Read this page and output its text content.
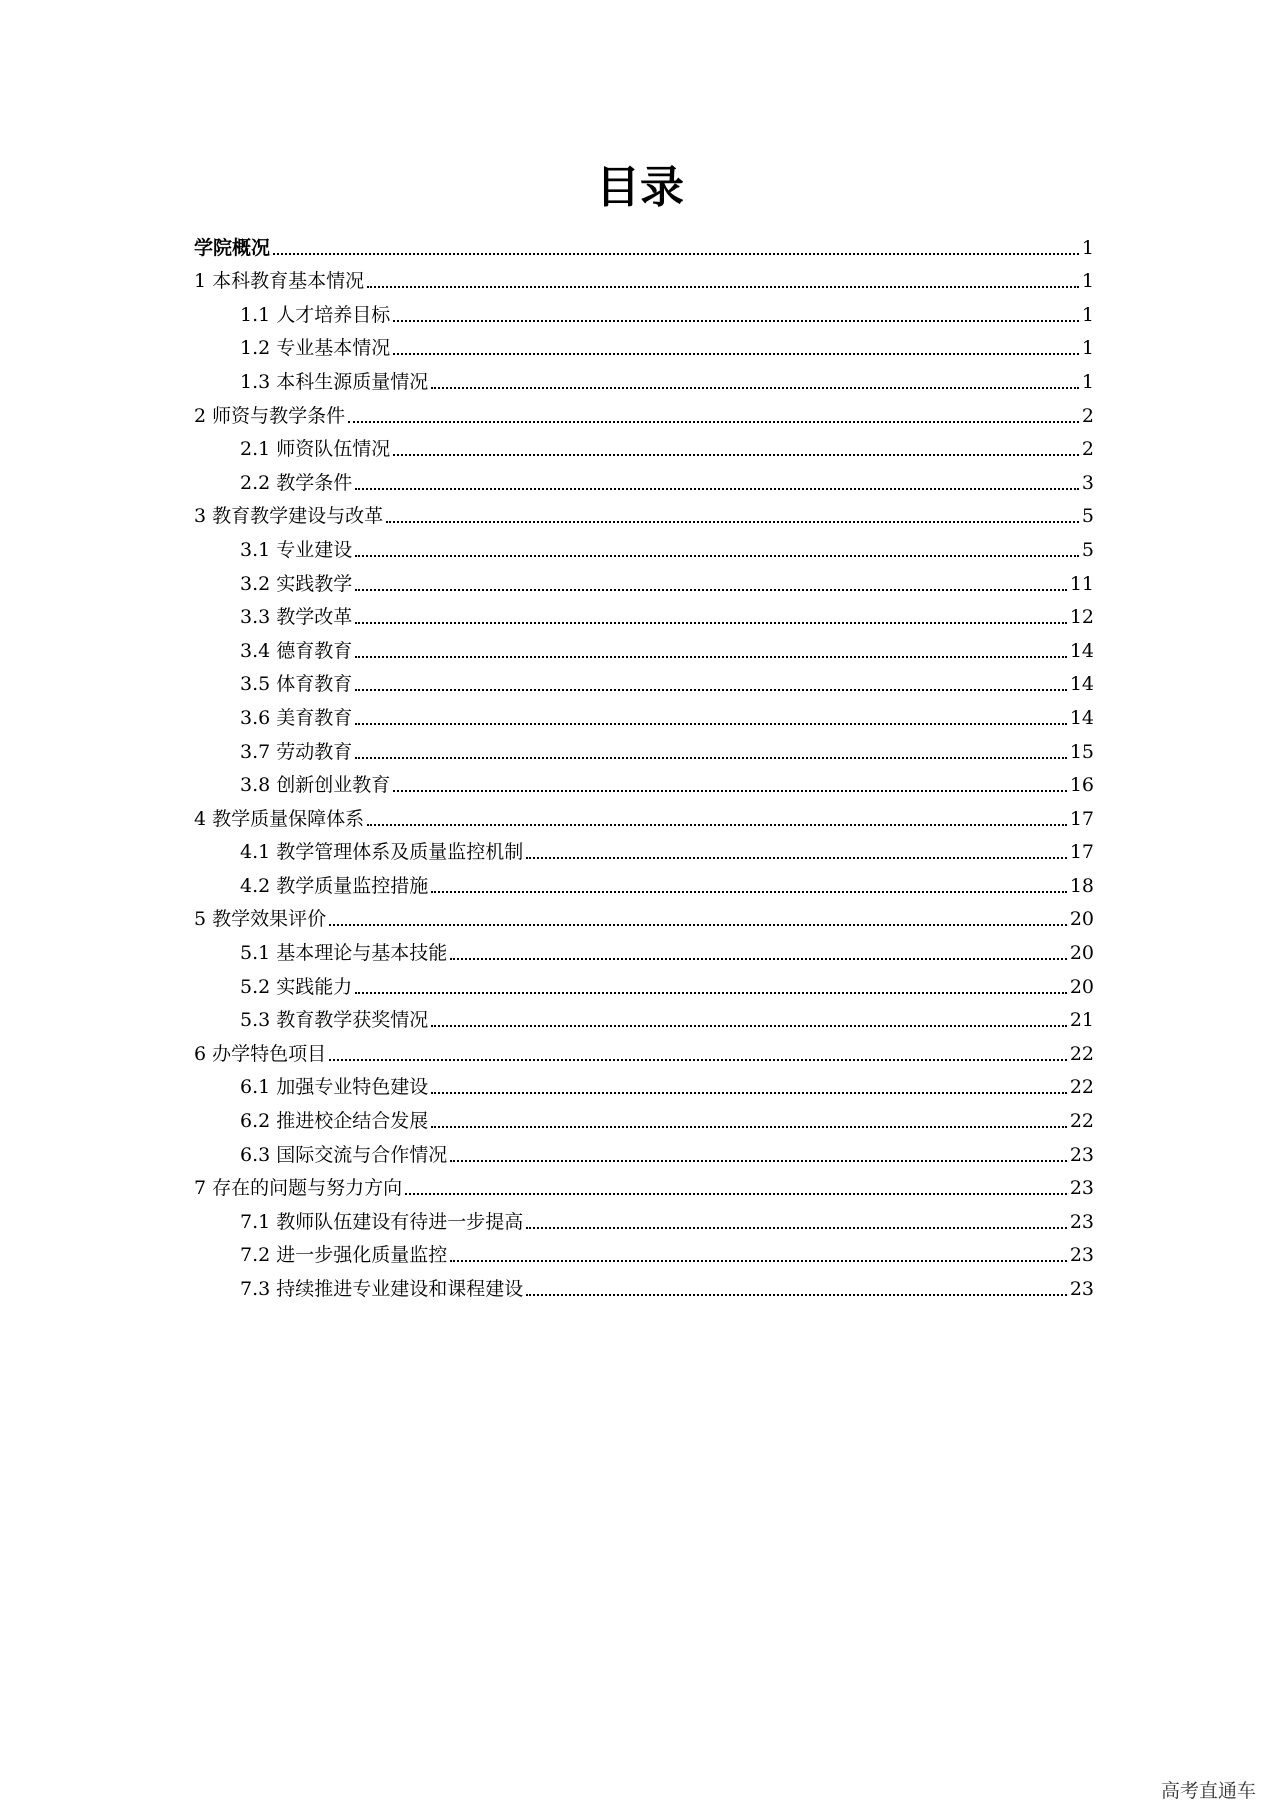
目录
学院概况	1
1 本科教育基本情况	1
1.1 人才培养目标	1
1.2 专业基本情况	1
1.3 本科生源质量情况	1
2 师资与教学条件	2
2.1 师资队伍情况	2
2.2 教学条件	3
3 教育教学建设与改革	5
3.1 专业建设	5
3.2 实践教学	11
3.3 教学改革	12
3.4 德育教育	14
3.5 体育教育	14
3.6 美育教育	14
3.7 劳动教育	15
3.8 创新创业教育	16
4 教学质量保障体系	17
4.1 教学管理体系及质量监控机制	17
4.2 教学质量监控措施	18
5 教学效果评价	20
5.1 基本理论与基本技能	20
5.2 实践能力	20
5.3 教育教学获奖情况	21
6 办学特色项目	22
6.1 加强专业特色建设	22
6.2 推进校企结合发展	22
6.3 国际交流与合作情况	23
7 存在的问题与努力方向	23
7.1 教师队伍建设有待进一步提高	23
7.2 进一步强化质量监控	23
7.3 持续推进专业建设和课程建设	23
高考直通车
